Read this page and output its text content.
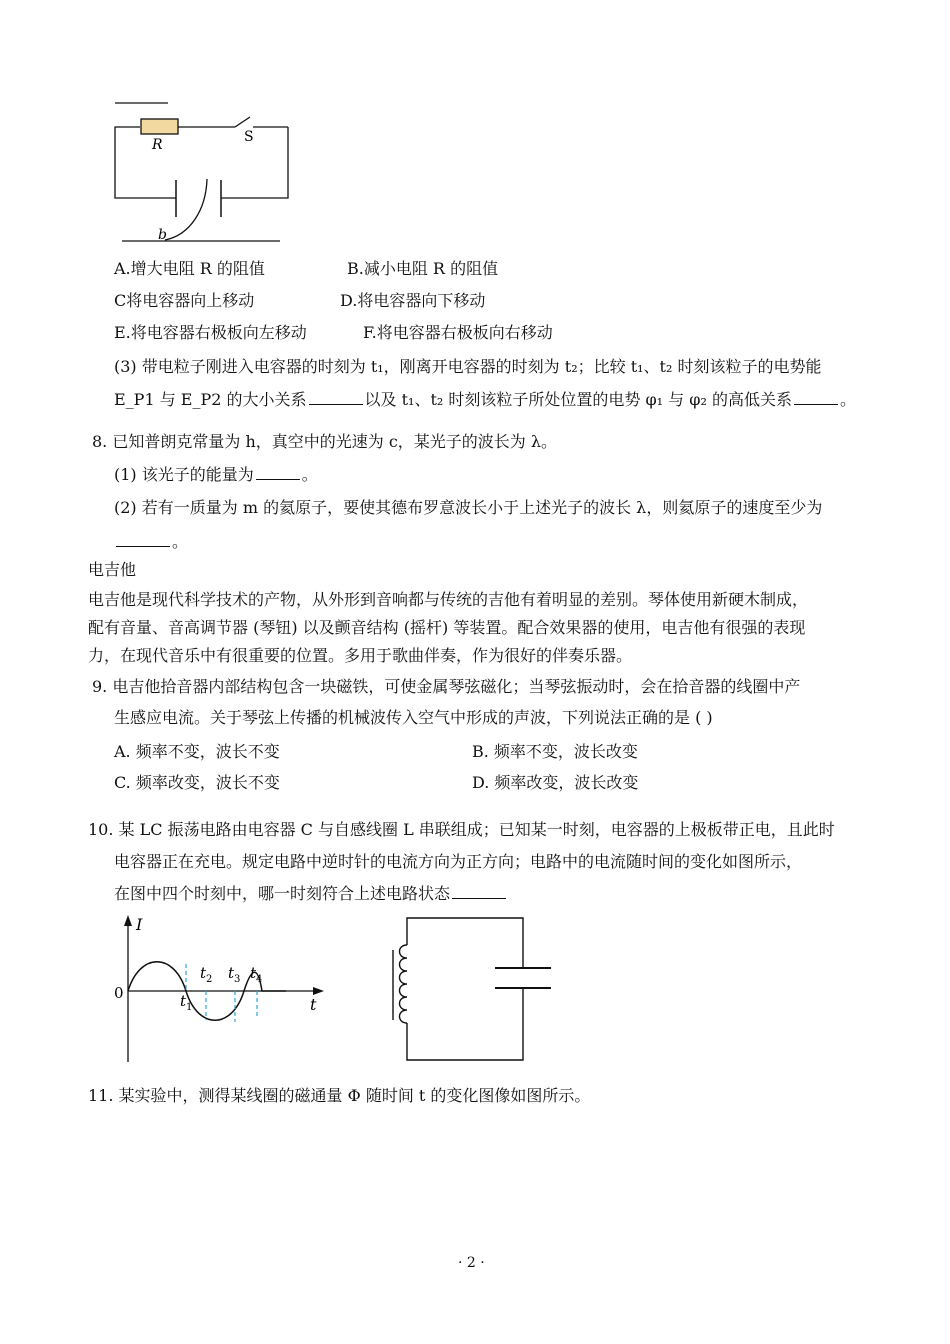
R	S
b
A.增大电阻 R 的阻值	B.减小电阻 R 的阻值
C将电容器向上移动	D.将电容器向下移动
E.将电容器右极板向左移动	F.将电容器右极板向右移动
(3) 带电粒子刚进入电容器的时刻为 t₁，刚离开电容器的时刻为 t₂；比较 t₁、t₂ 时刻该粒子的电势能
E_P1 与 E_P2 的大小关系	以及 t₁、t₂ 时刻该粒子所处位置的电势 φ₁ 与 φ₂ 的高低关系	。
8. 已知普朗克常量为 h，真空中的光速为 c，某光子的波长为 λ。
(1) 该光子的能量为	。
(2) 若有一质量为 m 的氦原子，要使其德布罗意波长小于上述光子的波长 λ，则氦原子的速度至少为
。
电吉他
电吉他是现代科学技术的产物，从外形到音响都与传统的吉他有着明显的差别。琴体使用新硬木制成，
配有音量、音高调节器 (琴钮) 以及颤音结构 (摇杆) 等装置。配合效果器的使用，电吉他有很强的表现
力，在现代音乐中有很重要的位置。多用于歌曲伴奏，作为很好的伴奏乐器。
9. 电吉他拾音器内部结构包含一块磁铁，可使金属琴弦磁化；当琴弦振动时，会在拾音器的线圈中产
生感应电流。关于琴弦上传播的机械波传入空气中形成的声波，下列说法正确的是 ( )
A. 频率不变，波长不变	B. 频率不变，波长改变
C. 频率改变，波长不变	D. 频率改变，波长改变
10. 某 LC 振荡电路由电容器 C 与自感线圈 L 串联组成；已知某一时刻，电容器的上极板带正电，且此时
电容器正在充电。规定电路中逆时针的电流方向为正方向；电路中的电流随时间的变化如图所示，
在图中四个时刻中，哪一时刻符合上述电路状态
I
t
0	$t_1$
$t_2$ $t_3$ $t_4$
11. 某实验中，测得某线圈的磁通量 Φ 随时间 t 的变化图像如图所示。
· 2 ·
